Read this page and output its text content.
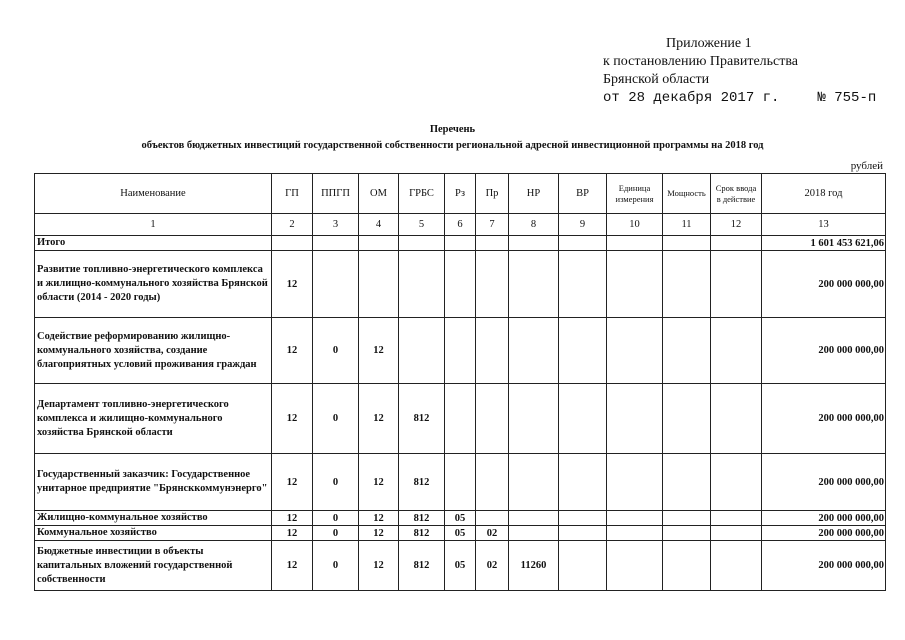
Приложение 1
к постановлению Правительства
Брянской области
от 28 декабря 2017 г.	№ 755-п
Перечень
объектов бюджетных инвестиций государственной собственности региональной адресной инвестиционной программы на 2018 год
рублей
Наименование	ГП	ППГП	ОМ	ГРБС	Рз	Пр	НР	ВР	Единица измерения	Мощность	Срок ввода в действие	2018 год
1	2	3	4	5	6	7	8	9	10	11	12	13
Итого												1 601 453 621,06
Развитие топливно-энергетического комплекса и жилищно-коммунального хозяйства Брянской области (2014 - 2020 годы)	12											200 000 000,00
Содействие реформированию жилищно-коммунального хозяйства, создание благоприятных условий проживания граждан	12	0	12									200 000 000,00
Департамент топливно-энергетического комплекса и жилищно-коммунального хозяйства Брянской области	12	0	12	812								200 000 000,00
Государственный заказчик: Государственное унитарное предприятие "Брянсккоммунэнерго"	12	0	12	812								200 000 000,00
Жилищно-коммунальное хозяйство	12	0	12	812	05							200 000 000,00
Коммунальное хозяйство	12	0	12	812	05	02						200 000 000,00
Бюджетные инвестиции в объекты капитальных вложений государственной собственности	12	0	12	812	05	02	11260					200 000 000,00
